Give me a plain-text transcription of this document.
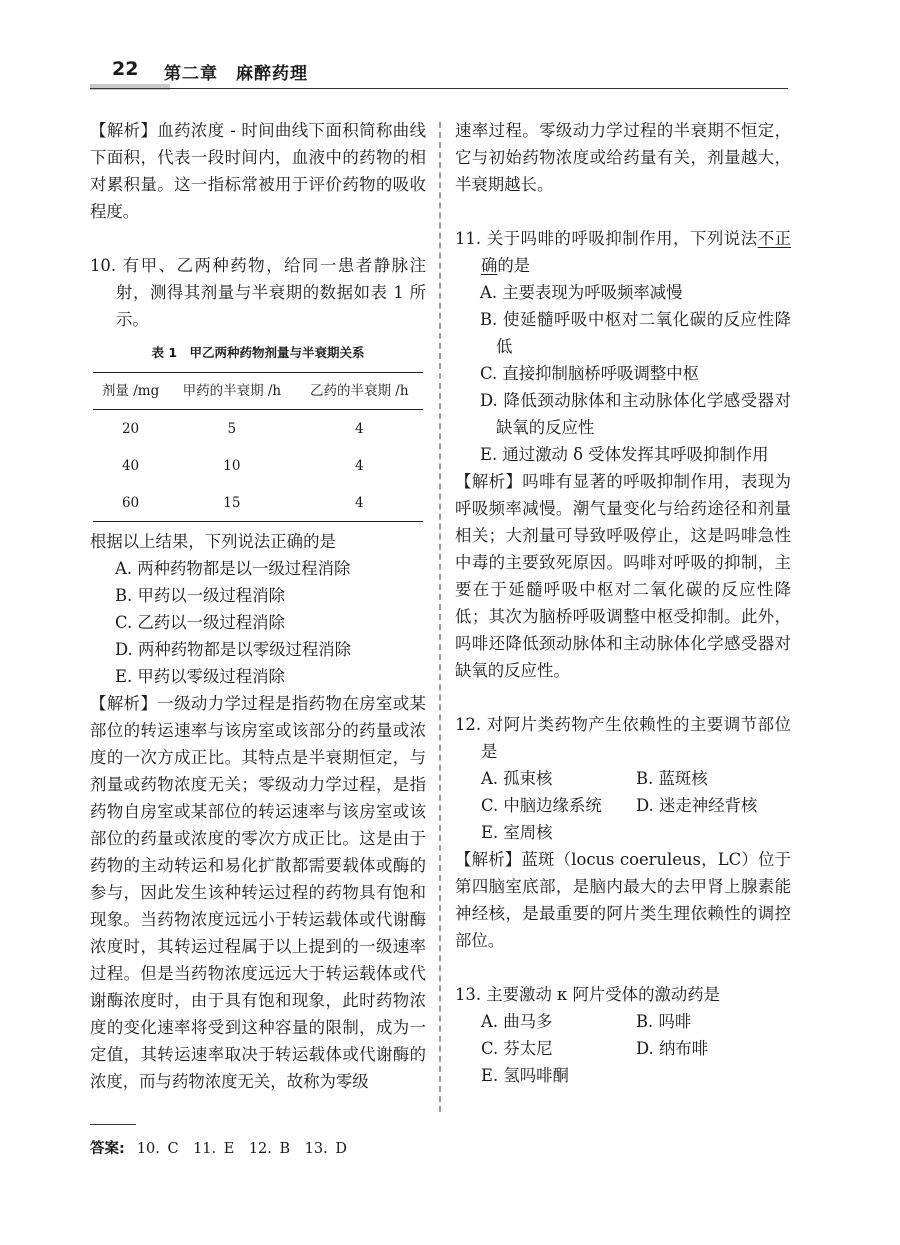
22 第二章　麻醉药理

【解析】血药浓度 - 时间曲线下面积简称曲线下面积，代表一段时间内，血液中的药物的相对累积量。这一指标常被用于评价药物的吸收程度。

10. 有甲、乙两种药物，给同一患者静脉注射，测得其剂量与半衰期的数据如表 1 所示。

表 1　甲乙两种药物剂量与半衰期关系
剂量 /mg	甲药的半衰期 /h	乙药的半衰期 /h
20	5	4
40	10	4
60	15	4

根据以上结果，下列说法正确的是

A. 两种药物都是以一级过程消除

B. 甲药以一级过程消除

C. 乙药以一级过程消除

D. 两种药物都是以零级过程消除

E. 甲药以零级过程消除

【解析】一级动力学过程是指药物在房室或某部位的转运速率与该房室或该部分的药量或浓度的一次方成正比。其特点是半衰期恒定，与剂量或药物浓度无关；零级动力学过程，是指药物自房室或某部位的转运速率与该房室或该部位的药量或浓度的零次方成正比。这是由于药物的主动转运和易化扩散都需要载体或酶的参与，因此发生该种转运过程的药物具有饱和现象。当药物浓度远远小于转运载体或代谢酶浓度时，其转运过程属于以上提到的一级速率过程。但是当药物浓度远远大于转运载体或代谢酶浓度时，由于具有饱和现象，此时药物浓度的变化速率将受到这种容量的限制，成为一定值，其转运速率取决于转运载体或代谢酶的浓度，而与药物浓度无关，故称为零级

速率过程。零级动力学过程的半衰期不恒定，它与初始药物浓度或给药量有关，剂量越大，半衰期越长。

11. 关于吗啡的呼吸抑制作用，下列说法不正确的是

A. 主要表现为呼吸频率减慢

B. 使延髓呼吸中枢对二氧化碳的反应性降低

C. 直接抑制脑桥呼吸调整中枢

D. 降低颈动脉体和主动脉体化学感受器对缺氧的反应性

E. 通过激动 δ 受体发挥其呼吸抑制作用

【解析】吗啡有显著的呼吸抑制作用，表现为呼吸频率减慢。潮气量变化与给药途径和剂量相关；大剂量可导致呼吸停止，这是吗啡急性中毒的主要致死原因。吗啡对呼吸的抑制，主要在于延髓呼吸中枢对二氧化碳的反应性降低；其次为脑桥呼吸调整中枢受抑制。此外，吗啡还降低颈动脉体和主动脉体化学感受器对缺氧的反应性。

12. 对阿片类药物产生依赖性的主要调节部位是

A. 孤束核	B. 蓝斑核
C. 中脑边缘系统	D. 迷走神经背核
E. 室周核

【解析】蓝斑（locus coeruleus，LC）位于第四脑室底部，是脑内最大的去甲肾上腺素能神经核，是最重要的阿片类生理依赖性的调控部位。

13. 主要激动 κ 阿片受体的激动药是

A. 曲马多	B. 吗啡
C. 芬太尼	D. 纳布啡
E. 氢吗啡酮
答案: 10. C　11. E　12. B　13. D
